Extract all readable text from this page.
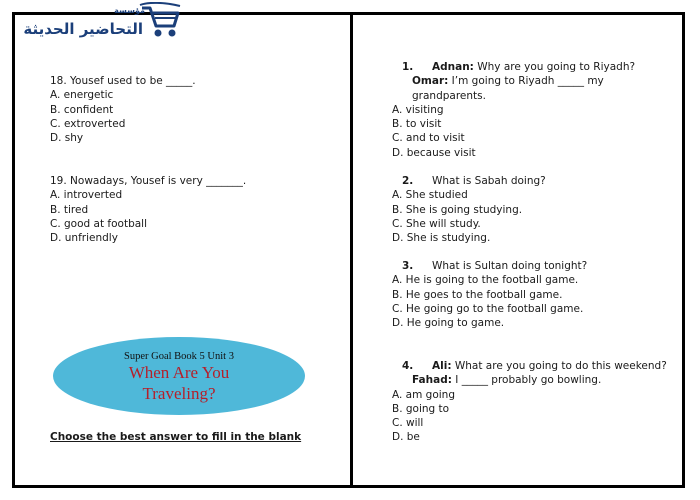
مؤسسة
التحاضير الحديثة
18. Yousef used to be _____.
A. energetic
B. confident
C. extroverted
D. shy
19. Nowadays, Yousef is very _______.
A. introverted
B. tired
C. good at football
D. unfriendly
Super Goal Book 5 Unit 3
When Are You
Traveling?
Choose the best answer to fill in the blank
1. Adnan: Why are you going to Riyadh?
Omar: I’m going to Riyadh _____ my
grandparents.
A. visiting
B. to visit
C. and to visit
D. because visit
2. What is Sabah doing?
A. She studied
B. She is going studying.
C. She will study.
D. She is studying.
3. What is Sultan doing tonight?
A. He is going to the football game.
B. He goes to the football game.
C. He going go to the football game.
D. He going to game.
4. Ali: What are you going to do this weekend?
Fahad: I _____ probably go bowling.
A. am going
B. going to
C. will
D. be
